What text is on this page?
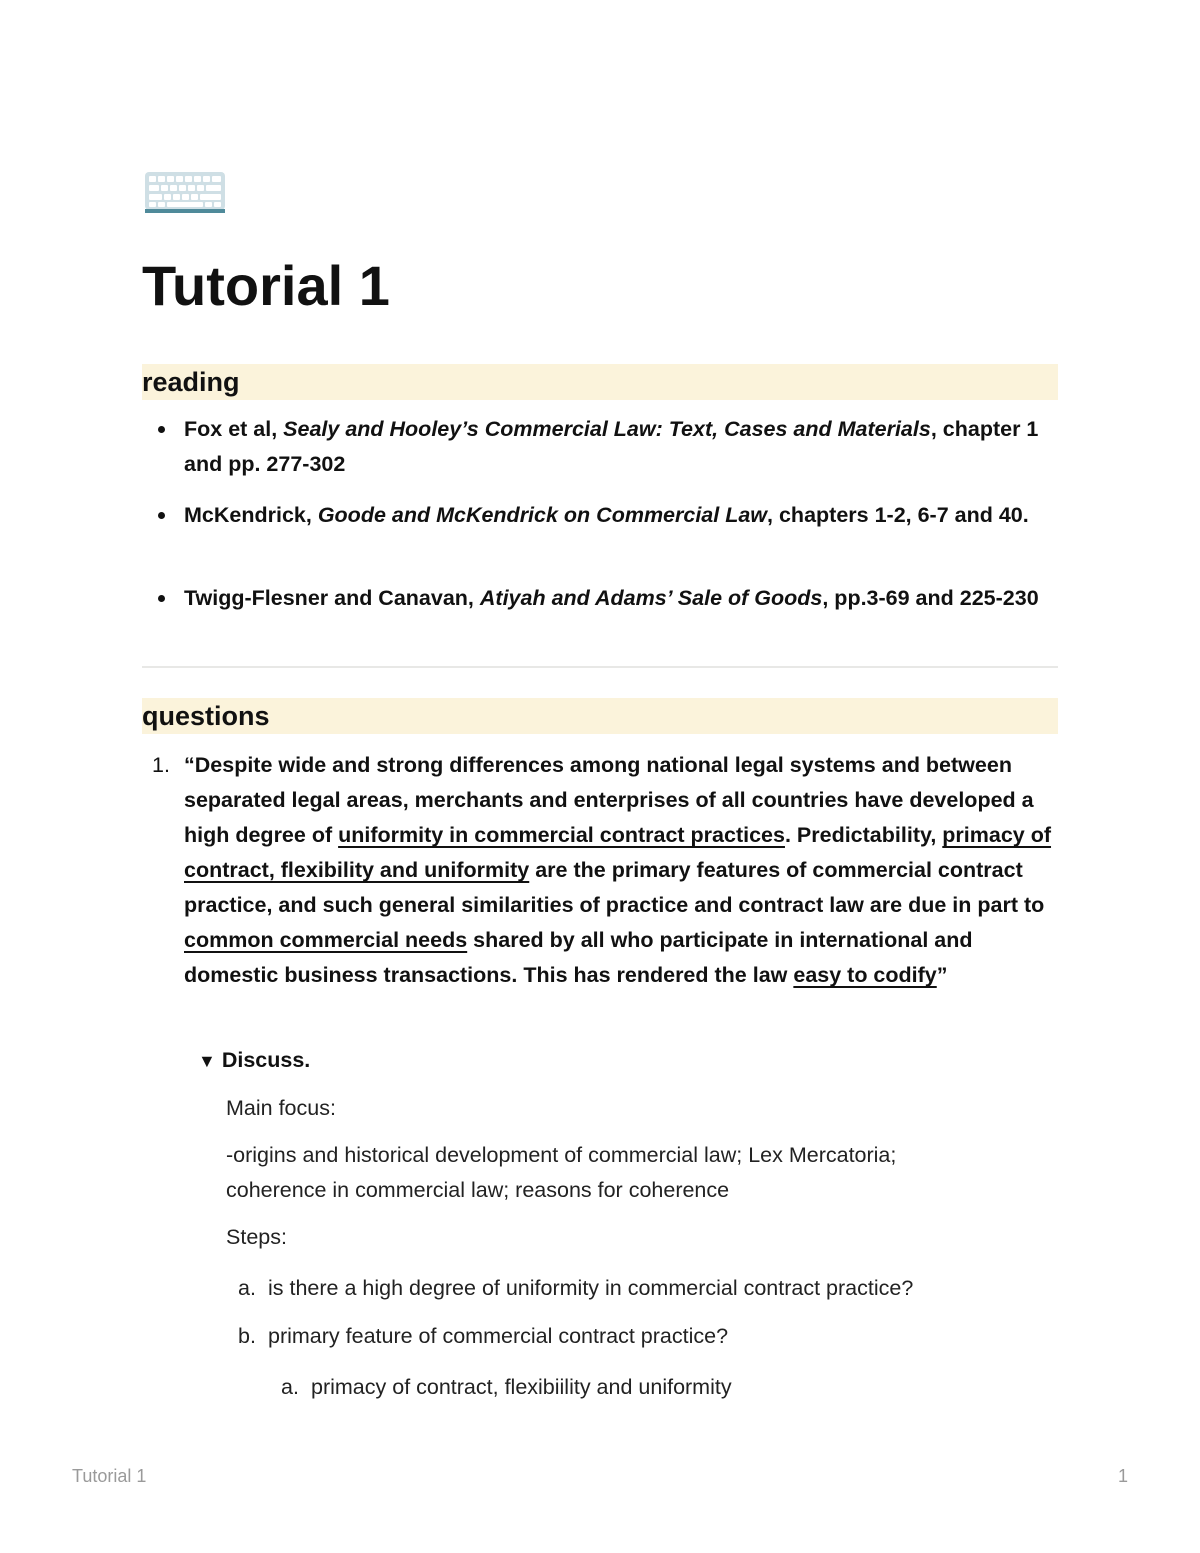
Tutorial 1
reading
Fox et al, Sealy and Hooley’s Commercial Law: Text, Cases and Materials, chapter 1 and pp. 277-302
McKendrick, Goode and McKendrick on Commercial Law, chapters 1-2, 6-7 and 40.
Twigg-Flesner and Canavan, Atiyah and Adams’ Sale of Goods, pp.3-69 and 225-230
questions
1. “Despite wide and strong differences among national legal systems and between separated legal areas, merchants and enterprises of all countries have developed a high degree of uniformity in commercial contract practices. Predictability, primacy of contract, flexibility and uniformity are the primary features of commercial contract practice, and such general similarities of practice and contract law are due in part to common commercial needs shared by all who participate in international and domestic business transactions. This has rendered the law easy to codify”
▼ Discuss.
Main focus:
-origins and historical development of commercial law; Lex Mercatoria; coherence in commercial law; reasons for coherence
Steps:
a. is there a high degree of uniformity in commercial contract practice?
b. primary feature of commercial contract practice?
a. primacy of contract, flexibiility and uniformity
Tutorial 1	1
